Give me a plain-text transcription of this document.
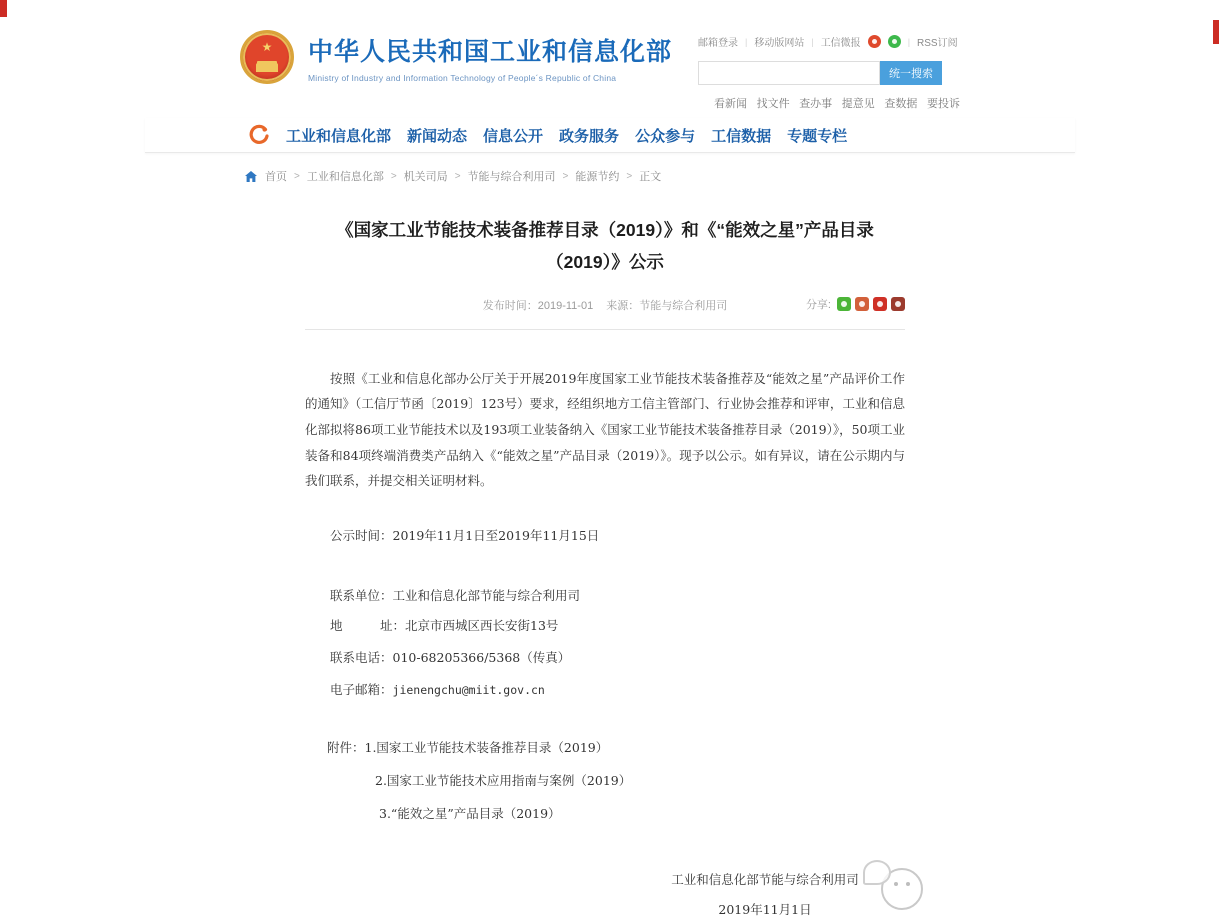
★ 中华人民共和国工业和信息化部
Ministry of Industry and Information Technology of People´s Republic of China
邮箱登录 | 移动版网站 | 工信微报	| RSS订阅
统一搜索
看新闻 找文件 查办事 提意见 查数据 要投诉
工业和信息化部 新闻动态 信息公开 政务服务 公众参与 工信数据 专题专栏
首页 > 工业和信息化部 > 机关司局 > 节能与综合利用司 > 能源节约 > 正文
《国家工业节能技术装备推荐目录（2019）》和《“能效之星”产品目录
（2019）》公示
发布时间：2019-11-01 来源：节能与综合利用司	分享:

按照《工业和信息化部办公厅关于开展2019年度国家工业节能技术装备推荐及“能效之星”产品评价工作的通知》（工信厅节函〔2019〕123号）要求，经组织地方工信主管部门、行业协会推荐和评审，工业和信息化部拟将86项工业节能技术以及193项工业装备纳入《国家工业节能技术装备推荐目录（2019）》，50项工业装备和84项终端消费类产品纳入《“能效之星”产品目录（2019）》。现予以公示。如有异议，请在公示期内与我们联系，并提交相关证明材料。

公示时间：2019年11月1日至2019年11月15日

联系单位：工业和信息化部节能与综合利用司

地　　　址：北京市西城区西长安街13号

联系电话：010-68205366/5368（传真）

电子邮箱：jienengchu@miit.gov.cn

附件：1.国家工业节能技术装备推荐目录（2019）
2.国家工业节能技术应用指南与案例（2019）
3.“能效之星”产品目录（2019）
工业和信息化部节能与综合利用司
2019年11月1日
